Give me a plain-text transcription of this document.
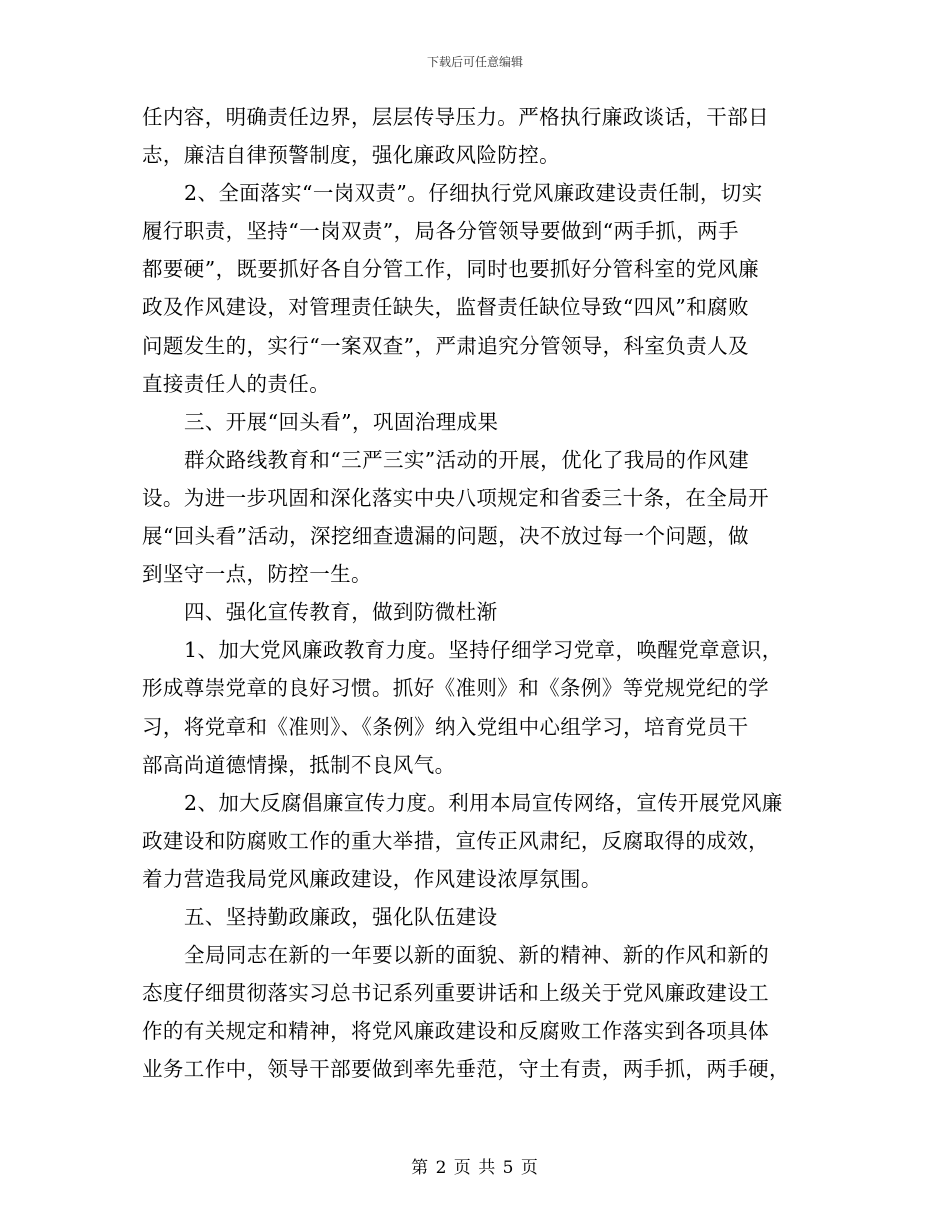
下载后可任意编辑
任内容，明确责任边界，层层传导压力。严格执行廉政谈话，干部日
志，廉洁自律预警制度，强化廉政风险防控。
2、全面落实“一岗双责”。仔细执行党风廉政建设责任制，切实
履行职责，坚持“一岗双责”，局各分管领导要做到“两手抓，两手
都要硬”，既要抓好各自分管工作，同时也要抓好分管科室的党风廉
政及作风建设，对管理责任缺失，监督责任缺位导致“四风”和腐败
问题发生的，实行“一案双查”，严肃追究分管领导，科室负责人及
直接责任人的责任。
三、开展“回头看”，巩固治理成果
群众路线教育和“三严三实”活动的开展，优化了我局的作风建
设。为进一步巩固和深化落实中央八项规定和省委三十条，在全局开
展“回头看”活动，深挖细查遗漏的问题，决不放过每一个问题，做
到坚守一点，防控一生。
四、强化宣传教育，做到防微杜渐
1、加大党风廉政教育力度。坚持仔细学习党章，唤醒党章意识，
形成尊崇党章的良好习惯。抓好《准则》和《条例》等党规党纪的学
习，将党章和《准则》、《条例》纳入党组中心组学习，培育党员干
部高尚道德情操，抵制不良风气。
2、加大反腐倡廉宣传力度。利用本局宣传网络，宣传开展党风廉
政建设和防腐败工作的重大举措，宣传正风肃纪，反腐取得的成效，
着力营造我局党风廉政建设，作风建设浓厚氛围。
五、坚持勤政廉政，强化队伍建设
全局同志在新的一年要以新的面貌、新的精神、新的作风和新的
态度仔细贯彻落实习总书记系列重要讲话和上级关于党风廉政建设工
作的有关规定和精神，将党风廉政建设和反腐败工作落实到各项具体
业务工作中，领导干部要做到率先垂范，守土有责，两手抓，两手硬，
第 2 页 共 5 页
